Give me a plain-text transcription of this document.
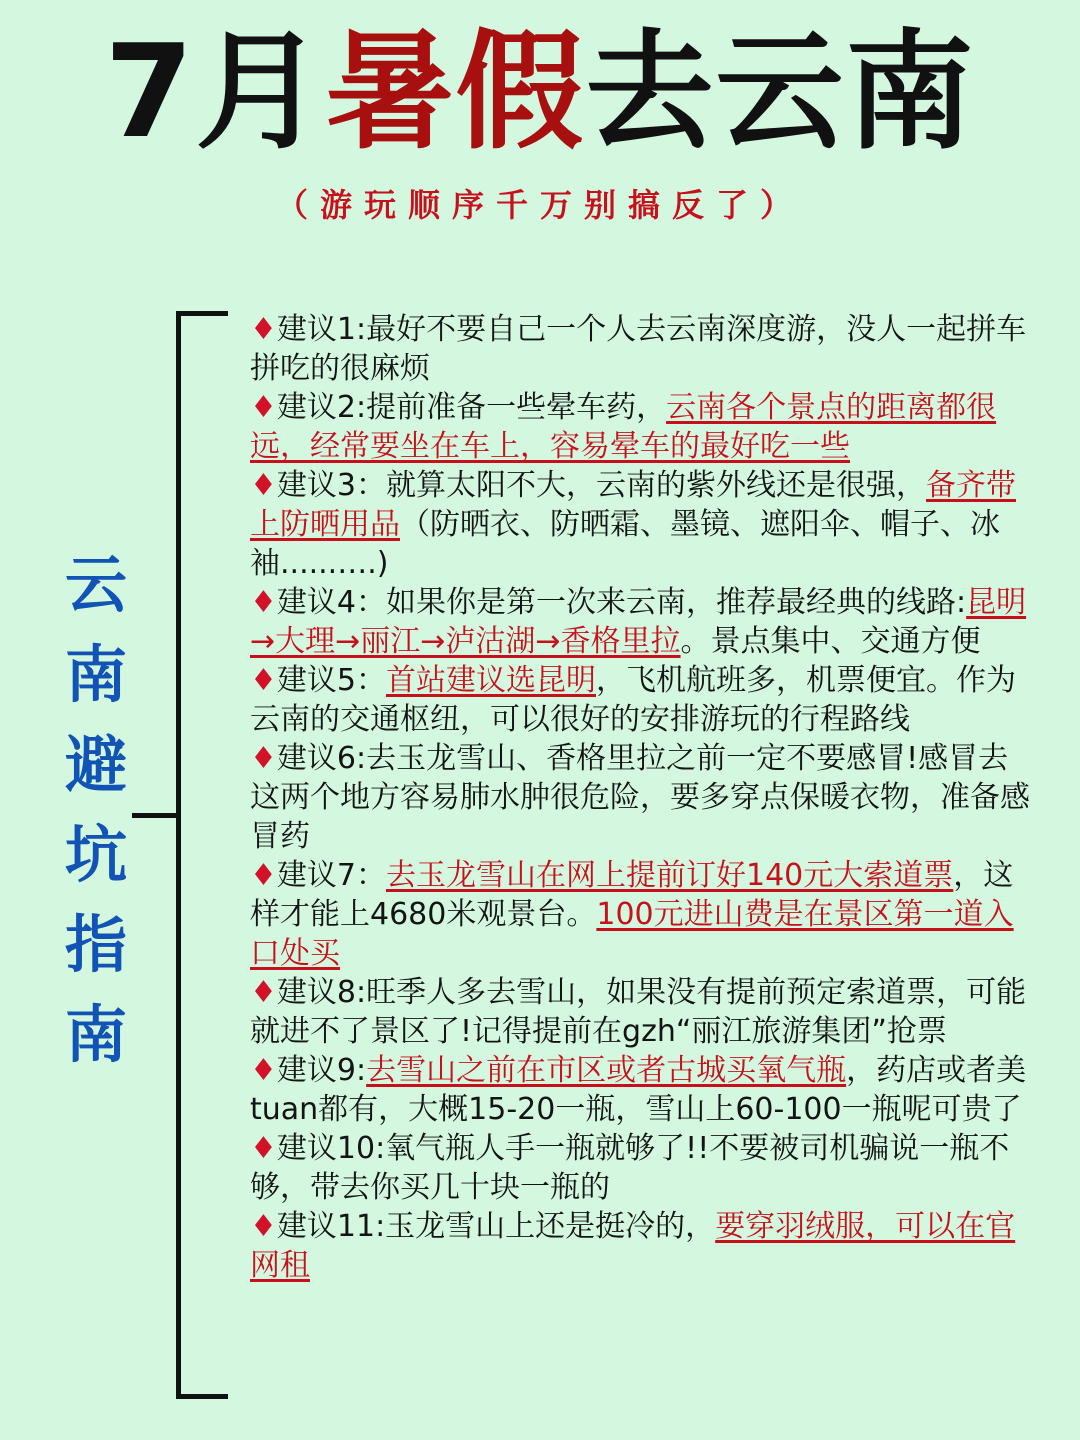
7月暑假去云南
（游玩顺序千万别搞反了）
云
南
避
坑
指
南

♦建议1:最好不要自己一个人去云南深度游，没人一起拼车拼吃的很麻烦

♦建议2:提前准备一些晕车药，云南各个景点的距离都很远，经常要坐在车上，容易晕车的最好吃一些

♦建议3：就算太阳不大，云南的紫外线还是很强，备齐带上防晒用品（防晒衣、防晒霜、墨镜、遮阳伞、帽子、冰袖......….)

♦建议4：如果你是第一次来云南，推荐最经典的线路:昆明→大理→丽江→泸沽湖→香格里拉。景点集中、交通方便

♦建议5：首站建议选昆明，飞机航班多，机票便宜。作为云南的交通枢纽，可以很好的安排游玩的行程路线

♦建议6:去玉龙雪山、香格里拉之前一定不要感冒!感冒去这两个地方容易肺水肿很危险，要多穿点保暖衣物，准备感冒药

♦建议7：去玉龙雪山在网上提前订好140元大索道票，这样才能上4680米观景台。100元进山费是在景区第一道入口处买

♦建议8:旺季人多去雪山，如果没有提前预定索道票，可能就进不了景区了!记得提前在gzh“丽江旅游集团”抢票

♦建议9:去雪山之前在市区或者古城买氧气瓶，药店或者美tuan都有，大概15-20一瓶，雪山上60-100一瓶呢可贵了

♦建议10:氧气瓶人手一瓶就够了!!不要被司机骗说一瓶不够，带去你买几十块一瓶的

♦建议11:玉龙雪山上还是挺冷的，要穿羽绒服，可以在官网租
